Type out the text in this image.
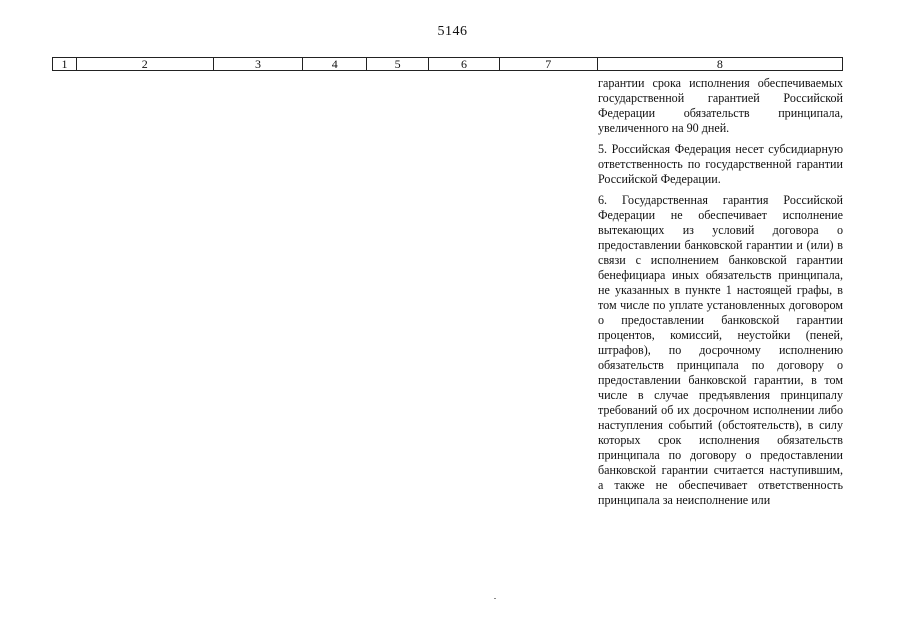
5146
1	2	3	4	5	6	7	8

гарантии срока исполнения обеспечиваемых государственной гарантией Российской Федерации обязательств принципала, увеличенного на 90 дней.

5. Российская Федерация несет субсидиарную ответственность по государственной гарантии Российской Федерации.

6. Государственная гарантия Российской Федерации не обеспечивает исполнение вытекающих из условий договора о предоставлении банковской гарантии и (или) в связи с исполнением банковской гарантии бенефициара иных обязательств принципала, не указанных в пункте 1 настоящей графы, в том числе по уплате установленных договором о предоставлении банковской гарантии процентов, комиссий, неустойки (пеней, штрафов), по досрочному исполнению обязательств принципала по договору о предоставлении банковской гарантии, в том числе в случае предъявления принципалу требований об их досрочном исполнении либо наступления событий (обстоятельств), в силу которых срок исполнения обязательств принципала по договору о предоставлении банковской гарантии считается наступившим, а также не обеспечивает ответственность принципала за неисполнение или
